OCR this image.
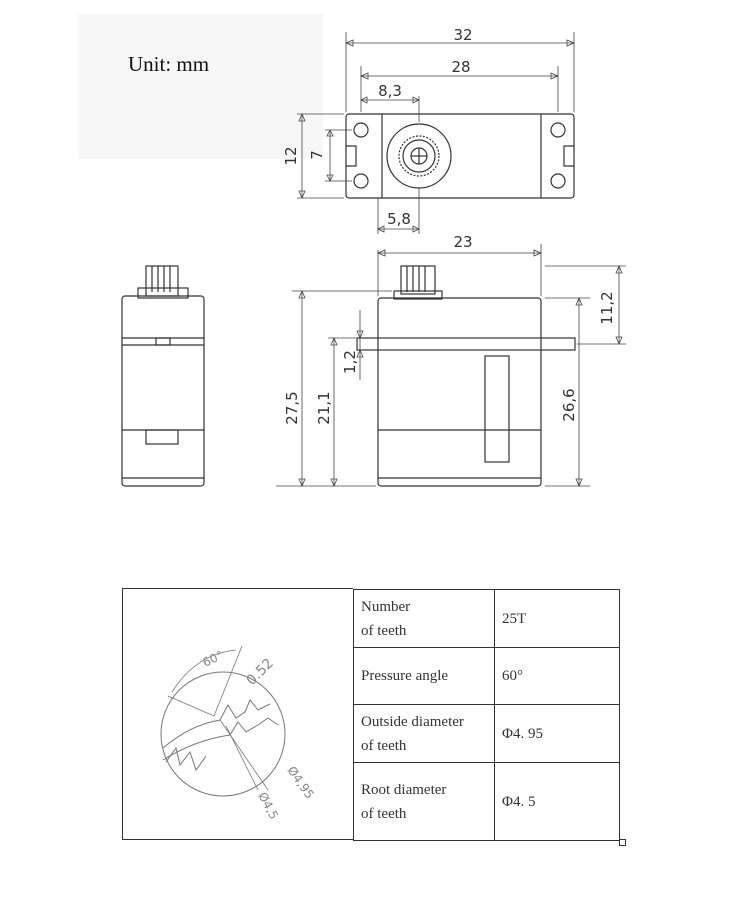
Unit: mm
32
28
8,3
12 7
5,8
23
27,5 21,1
1,2
11,2
26,6
60° 0.52
Ø4,95
Ø4,5
Number
of teeth	25T
Pressure angle	60°
Outside diameter
of teeth	Φ4. 95
Root diameter
of teeth	Φ4. 5
